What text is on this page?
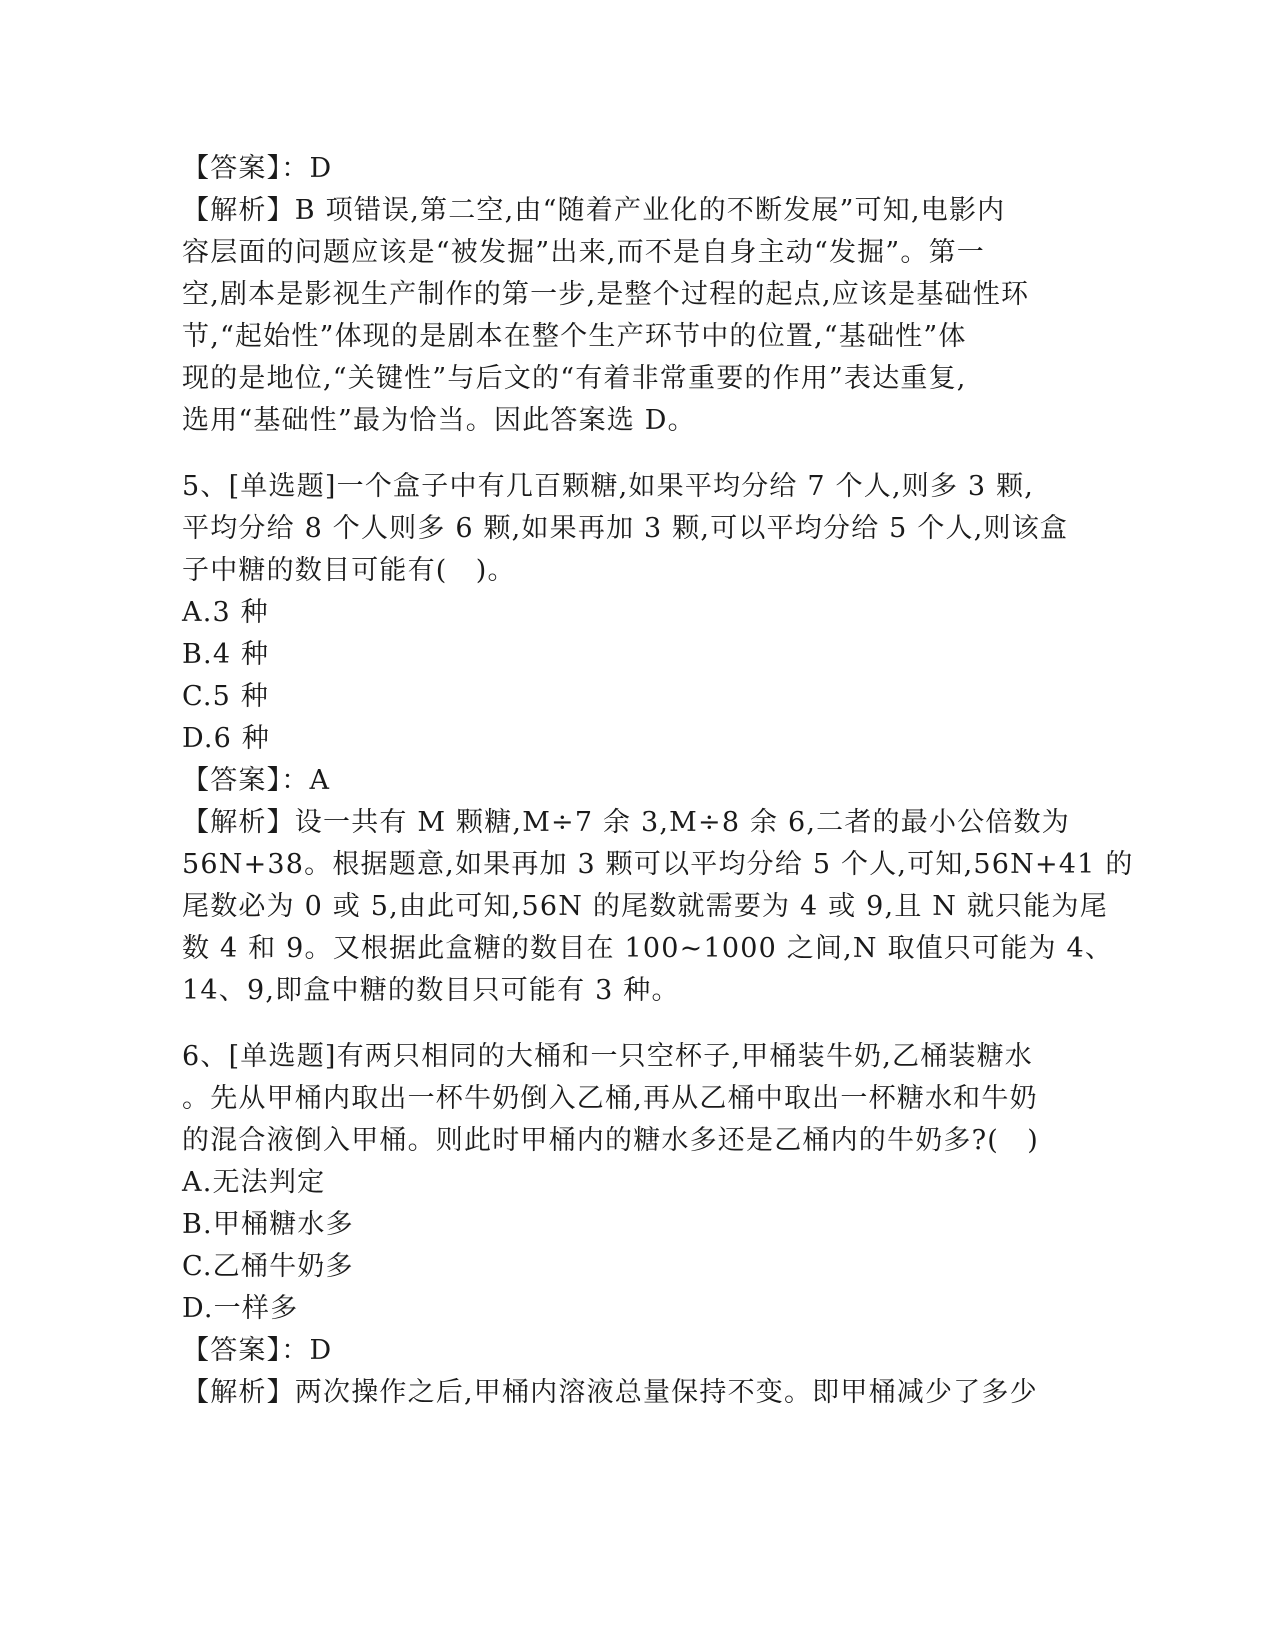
【答案】：D
【解析】B 项错误,第二空,由“随着产业化的不断发展”可知,电影内
容层面的问题应该是“被发掘”出来,而不是自身主动“发掘”。第一
空,剧本是影视生产制作的第一步,是整个过程的起点,应该是基础性环
节,“起始性”体现的是剧本在整个生产环节中的位置,“基础性”体
现的是地位,“关键性”与后文的“有着非常重要的作用”表达重复,
选用“基础性”最为恰当。因此答案选 D。
5、[单选题]一个盒子中有几百颗糖,如果平均分给 7 个人,则多 3 颗,
平均分给 8 个人则多 6 颗,如果再加 3 颗,可以平均分给 5 个人,则该盒
子中糖的数目可能有(　)。
A.3 种
B.4 种
C.5 种
D.6 种
【答案】：A
【解析】设一共有 M 颗糖,M÷7 余 3,M÷8 余 6,二者的最小公倍数为
56N+38。根据题意,如果再加 3 颗可以平均分给 5 个人,可知,56N+41 的
尾数必为 0 或 5,由此可知,56N 的尾数就需要为 4 或 9,且 N 就只能为尾
数 4 和 9。又根据此盒糖的数目在 100~1000 之间,N 取值只可能为 4、
14、9,即盒中糖的数目只可能有 3 种。
6、[单选题]有两只相同的大桶和一只空杯子,甲桶装牛奶,乙桶装糖水
。先从甲桶内取出一杯牛奶倒入乙桶,再从乙桶中取出一杯糖水和牛奶
的混合液倒入甲桶。则此时甲桶内的糖水多还是乙桶内的牛奶多?(　)
A.无法判定
B.甲桶糖水多
C.乙桶牛奶多
D.一样多
【答案】：D
【解析】两次操作之后,甲桶内溶液总量保持不变。即甲桶减少了多少
